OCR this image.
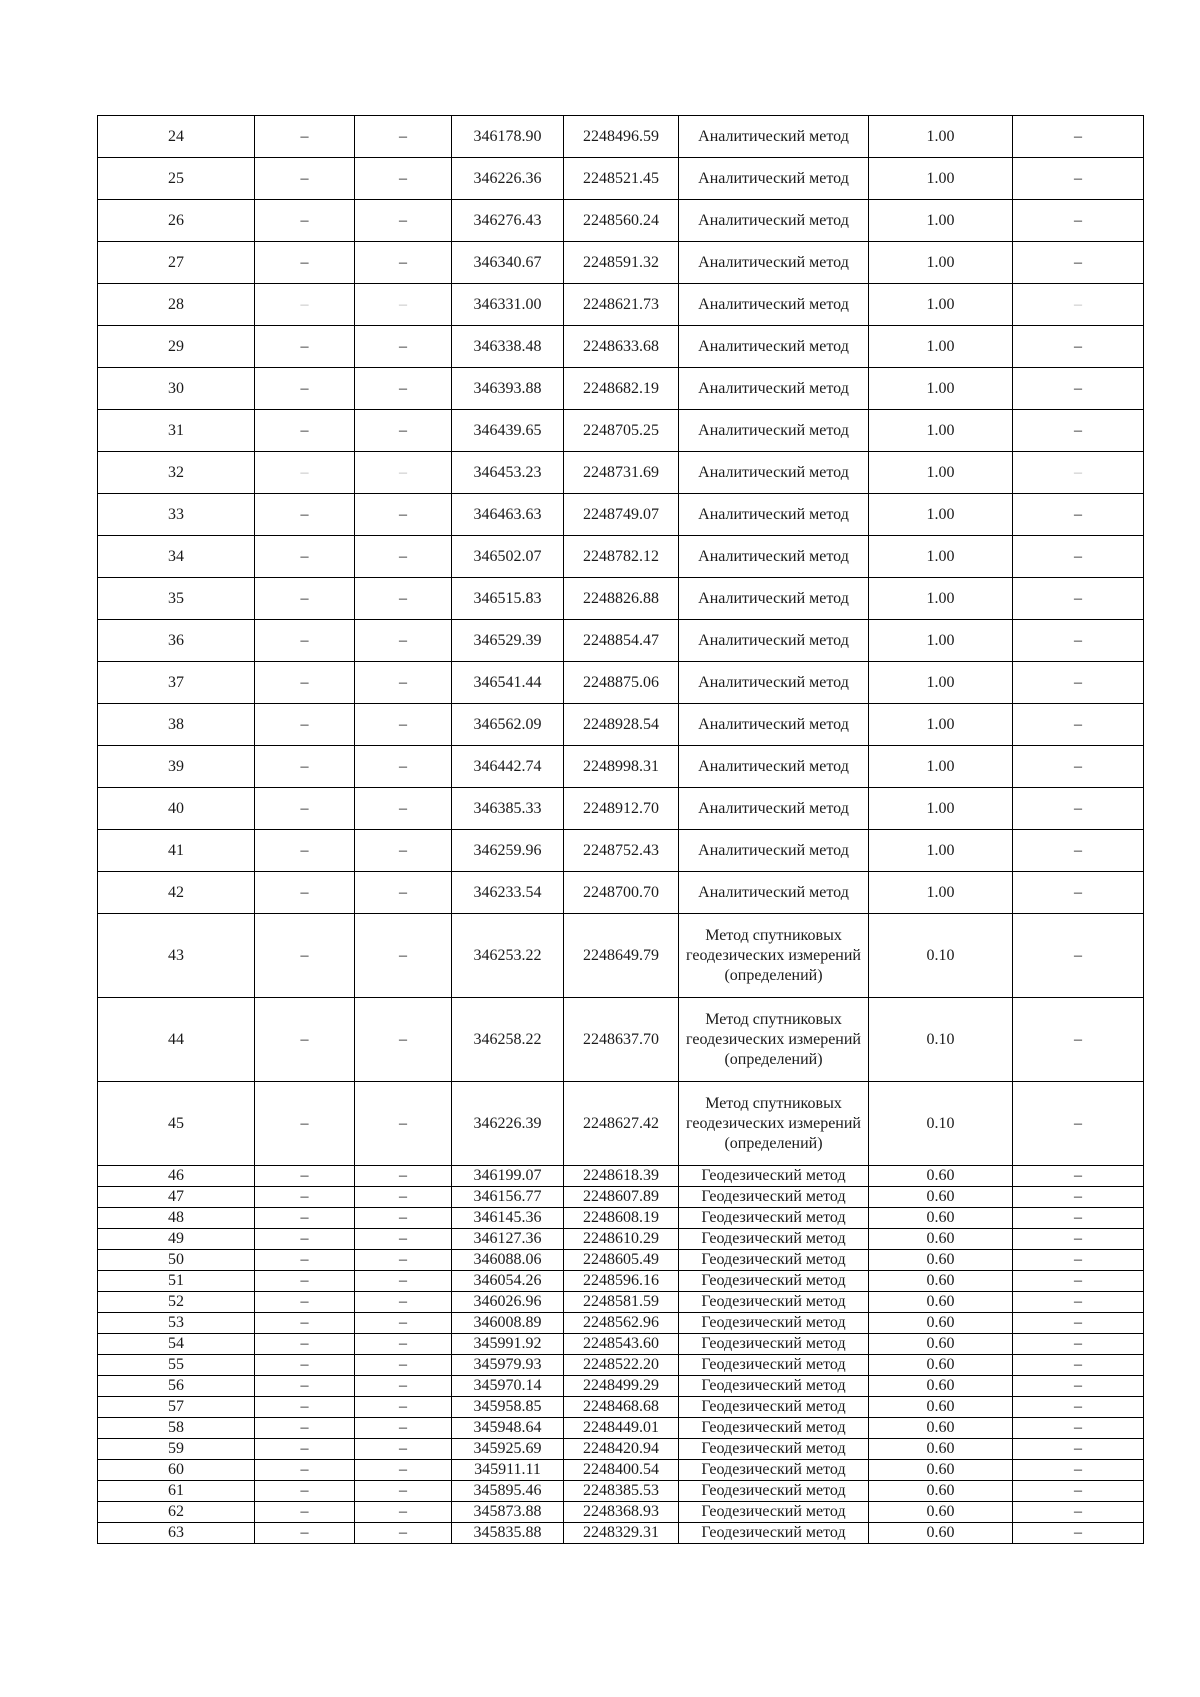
24	–	–	346178.90	2248496.59	Аналитический метод	1.00	–
25	–	–	346226.36	2248521.45	Аналитический метод	1.00	–
26	–	–	346276.43	2248560.24	Аналитический метод	1.00	–
27	–	–	346340.67	2248591.32	Аналитический метод	1.00	–
28	–	–	346331.00	2248621.73	Аналитический метод	1.00	–
29	–	–	346338.48	2248633.68	Аналитический метод	1.00	–
30	–	–	346393.88	2248682.19	Аналитический метод	1.00	–
31	–	–	346439.65	2248705.25	Аналитический метод	1.00	–
32	–	–	346453.23	2248731.69	Аналитический метод	1.00	–
33	–	–	346463.63	2248749.07	Аналитический метод	1.00	–
34	–	–	346502.07	2248782.12	Аналитический метод	1.00	–
35	–	–	346515.83	2248826.88	Аналитический метод	1.00	–
36	–	–	346529.39	2248854.47	Аналитический метод	1.00	–
37	–	–	346541.44	2248875.06	Аналитический метод	1.00	–
38	–	–	346562.09	2248928.54	Аналитический метод	1.00	–
39	–	–	346442.74	2248998.31	Аналитический метод	1.00	–
40	–	–	346385.33	2248912.70	Аналитический метод	1.00	–
41	–	–	346259.96	2248752.43	Аналитический метод	1.00	–
42	–	–	346233.54	2248700.70	Аналитический метод	1.00	–
43	–	–	346253.22	2248649.79	Метод спутниковых геодезических измерений (определений)	0.10	–
44	–	–	346258.22	2248637.70	Метод спутниковых геодезических измерений (определений)	0.10	–
45	–	–	346226.39	2248627.42	Метод спутниковых геодезических измерений (определений)	0.10	–
46	–	–	346199.07	2248618.39	Геодезический метод	0.60	–
47	–	–	346156.77	2248607.89	Геодезический метод	0.60	–
48	–	–	346145.36	2248608.19	Геодезический метод	0.60	–
49	–	–	346127.36	2248610.29	Геодезический метод	0.60	–
50	–	–	346088.06	2248605.49	Геодезический метод	0.60	–
51	–	–	346054.26	2248596.16	Геодезический метод	0.60	–
52	–	–	346026.96	2248581.59	Геодезический метод	0.60	–
53	–	–	346008.89	2248562.96	Геодезический метод	0.60	–
54	–	–	345991.92	2248543.60	Геодезический метод	0.60	–
55	–	–	345979.93	2248522.20	Геодезический метод	0.60	–
56	–	–	345970.14	2248499.29	Геодезический метод	0.60	–
57	–	–	345958.85	2248468.68	Геодезический метод	0.60	–
58	–	–	345948.64	2248449.01	Геодезический метод	0.60	–
59	–	–	345925.69	2248420.94	Геодезический метод	0.60	–
60	–	–	345911.11	2248400.54	Геодезический метод	0.60	–
61	–	–	345895.46	2248385.53	Геодезический метод	0.60	–
62	–	–	345873.88	2248368.93	Геодезический метод	0.60	–
63	–	–	345835.88	2248329.31	Геодезический метод	0.60	–
